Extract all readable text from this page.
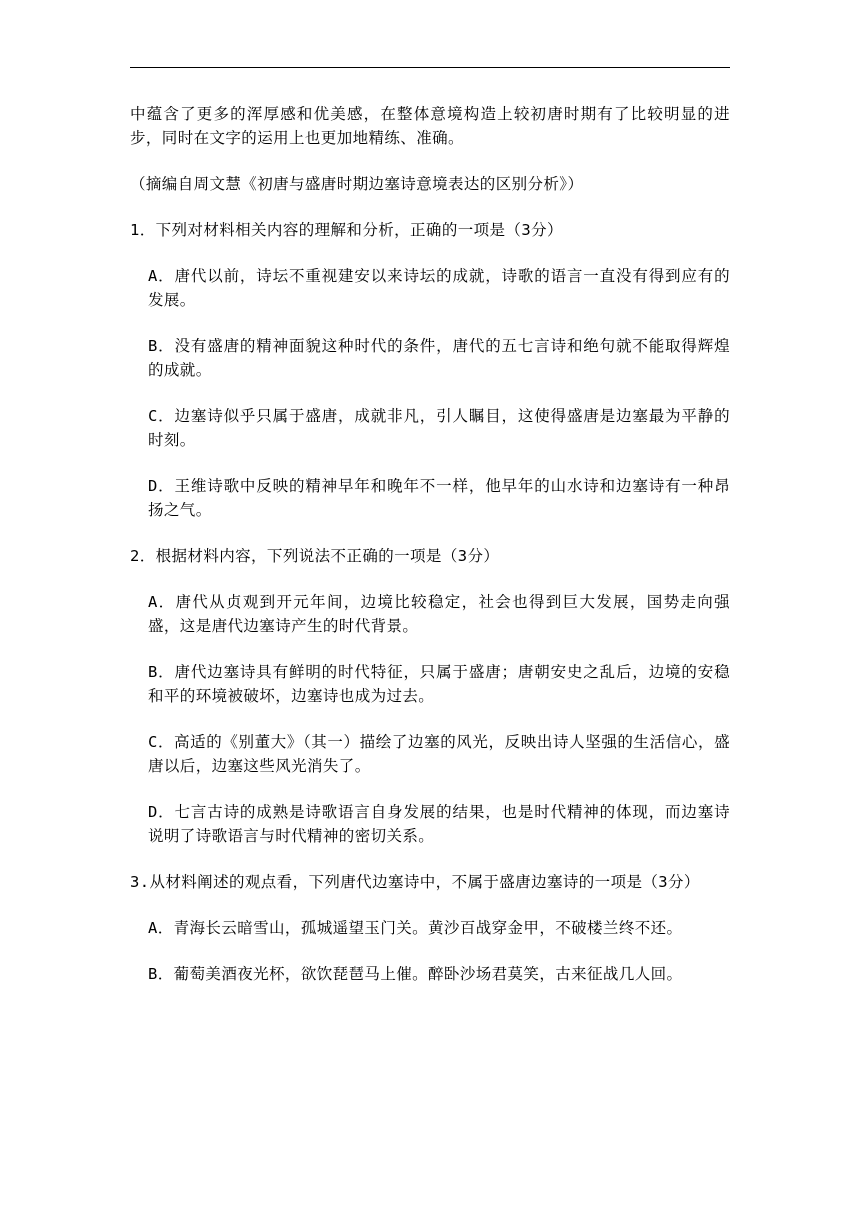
中蕴含了更多的浑厚感和优美感，在整体意境构造上较初唐时期有了比较明显的进步，同时在文字的运用上也更加地精练、准确。

（摘编自周文慧《初唐与盛唐时期边塞诗意境表达的区别分析》）

1．下列对材料相关内容的理解和分析，正确的一项是（3分）

A．唐代以前，诗坛不重视建安以来诗坛的成就，诗歌的语言一直没有得到应有的发展。

B．没有盛唐的精神面貌这种时代的条件，唐代的五七言诗和绝句就不能取得辉煌的成就。

C．边塞诗似乎只属于盛唐，成就非凡，引人瞩目，这使得盛唐是边塞最为平静的时刻。

D．王维诗歌中反映的精神早年和晚年不一样，他早年的山水诗和边塞诗有一种昂扬之气。

2．根据材料内容，下列说法不正确的一项是（3分）

A．唐代从贞观到开元年间，边境比较稳定，社会也得到巨大发展，国势走向强盛，这是唐代边塞诗产生的时代背景。

B．唐代边塞诗具有鲜明的时代特征，只属于盛唐；唐朝安史之乱后，边境的安稳和平的环境被破坏，边塞诗也成为过去。

C．高适的《别董大》（其一）描绘了边塞的风光，反映出诗人坚强的生活信心，盛唐以后，边塞这些风光消失了。

D．七言古诗的成熟是诗歌语言自身发展的结果，也是时代精神的体现，而边塞诗说明了诗歌语言与时代精神的密切关系。

3.从材料阐述的观点看，下列唐代边塞诗中，不属于盛唐边塞诗的一项是（3分）

A．青海长云暗雪山，孤城遥望玉门关。黄沙百战穿金甲，不破楼兰终不还。

B．葡萄美酒夜光杯，欲饮琵琶马上催。醉卧沙场君莫笑，古来征战几人回。
